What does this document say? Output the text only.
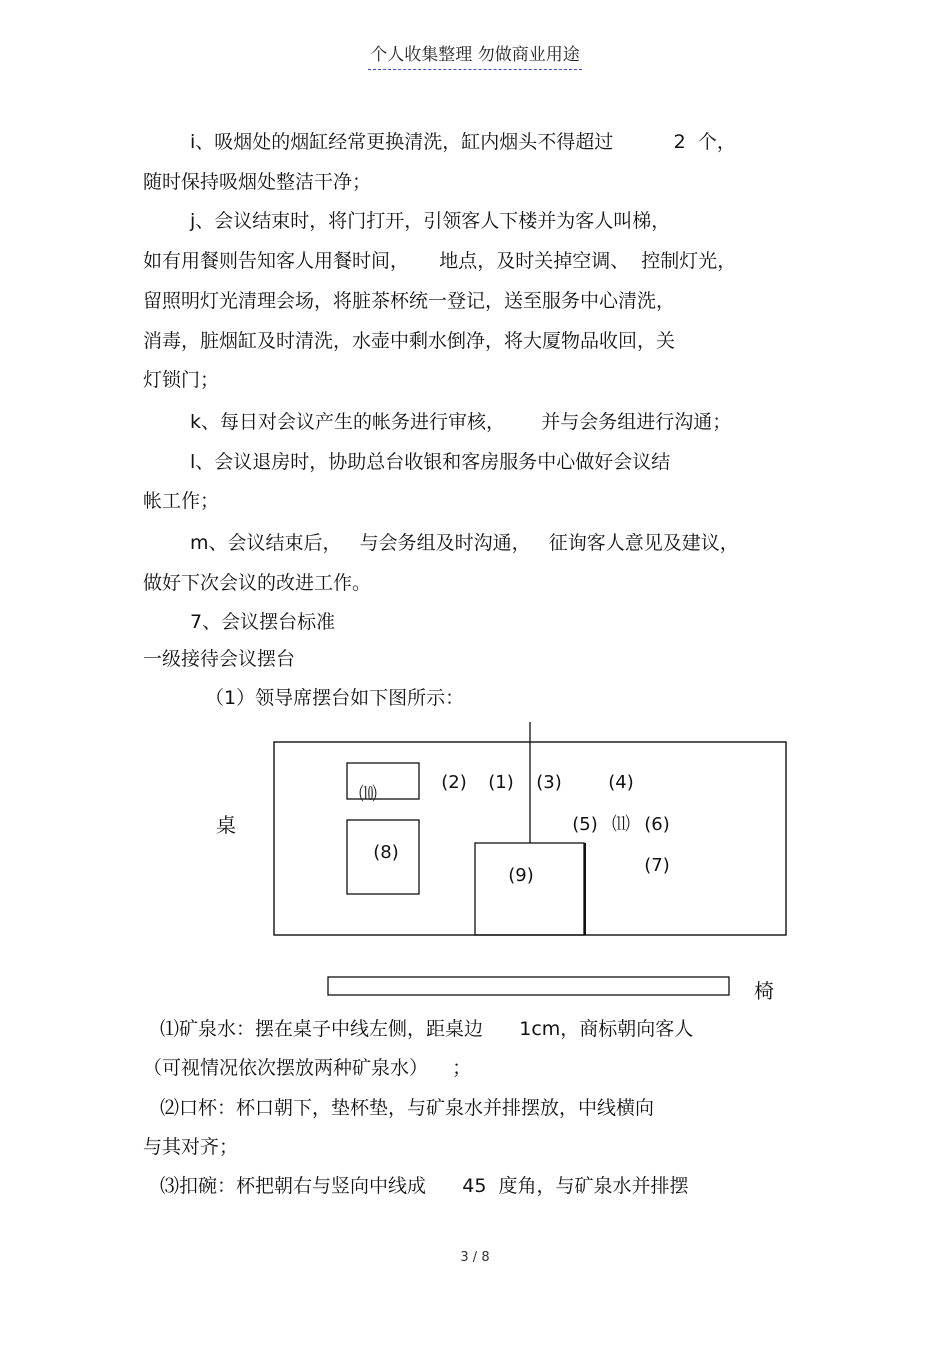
个人收集整理 勿做商业用途
i、吸烟处的烟缸经常更换清洗，缸内烟头不得超过          2  个，
随时保持吸烟处整洁干净；
j、会议结束时，将门打开，引领客人下楼并为客人叫梯，
如有用餐则告知客人用餐时间，     地点，及时关掉空调、  控制灯光，
留照明灯光清理会场，将脏茶杯统一登记，送至服务中心清洗，
消毒，脏烟缸及时清洗，水壶中剩水倒净，将大厦物品收回，关
灯锁门；
k、每日对会议产生的帐务进行审核，      并与会务组进行沟通；
l、会议退房时，协助总台收银和客房服务中心做好会议结
帐工作；
m、会议结束后，   与会务组及时沟通，   征询客人意见及建议，
做好下次会议的改进工作。
7、会议摆台标准
一级接待会议摆台
（1）领导席摆台如下图所示：
⑴矿泉水：摆在桌子中线左侧，距桌边      1cm，商标朝向客人
（可视情况依次摆放两种矿泉水）    ；
⑵口杯：杯口朝下，垫杯垫，与矿泉水并排摆放，中线横向
与其对齐；
⑶扣碗：杯把朝右与竖向中线成      45  度角，与矿泉水并排摆
桌
椅
⑽
(2) (1) (3)	(4)
(5) ⑾ (6)
(7)
(8)
(9)
3 / 8
